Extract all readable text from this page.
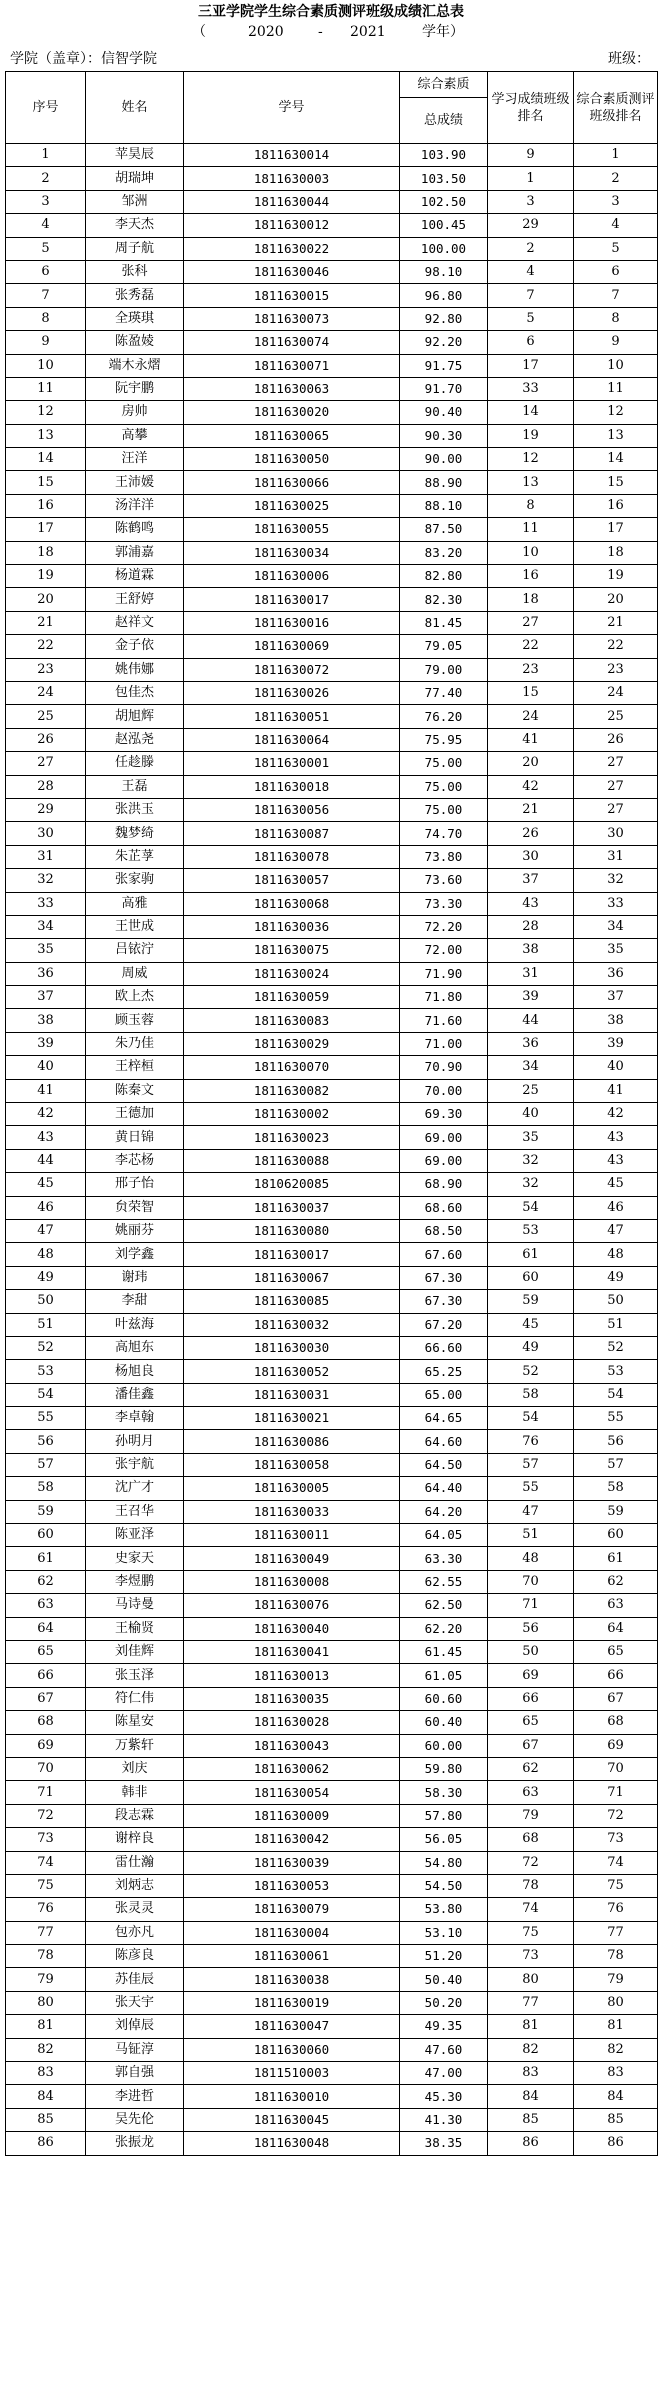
三亚学院学生综合素质测评班级成绩汇总表
（	2020 - 2021	学年）
学院（盖章）：信智学院	班级：
序号	姓名	学号	综合素质	学习成绩班级排名	综合素质测评班级排名
			总成绩		
1	苹昊辰	1811630014	103.90	9	1
2	胡瑞坤	1811630003	103.50	1	2
3	邹洲	1811630044	102.50	3	3
4	李天杰	1811630012	100.45	29	4
5	周子航	1811630022	100.00	2	5
6	张科	1811630046	98.10	4	6
7	张秀磊	1811630015	96.80	7	7
8	全瑛琪	1811630073	92.80	5	8
9	陈盈婈	1811630074	92.20	6	9
10	端木永熠	1811630071	91.75	17	10
11	阮宇鹏	1811630063	91.70	33	11
12	房帅	1811630020	90.40	14	12
13	高攀	1811630065	90.30	19	13
14	汪洋	1811630050	90.00	12	14
15	王沛媛	1811630066	88.90	13	15
16	汤洋洋	1811630025	88.10	8	16
17	陈鹤鸣	1811630055	87.50	11	17
18	郭浦嘉	1811630034	83.20	10	18
19	杨道霖	1811630006	82.80	16	19
20	王舒婷	1811630017	82.30	18	20
21	赵祥文	1811630016	81.45	27	21
22	金子依	1811630069	79.05	22	22
23	姚伟娜	1811630072	79.00	23	23
24	包佳杰	1811630026	77.40	15	24
25	胡旭辉	1811630051	76.20	24	25
26	赵泓尧	1811630064	75.95	41	26
27	任趁滕	1811630001	75.00	20	27
28	王磊	1811630018	75.00	42	27
29	张洪玉	1811630056	75.00	21	27
30	魏梦绮	1811630087	74.70	26	30
31	朱芷莩	1811630078	73.80	30	31
32	张家驹	1811630057	73.60	37	32
33	高雅	1811630068	73.30	43	33
34	王世成	1811630036	72.20	28	34
35	吕铱泞	1811630075	72.00	38	35
36	周威	1811630024	71.90	31	36
37	欧上杰	1811630059	71.80	39	37
38	顾玉蓉	1811630083	71.60	44	38
39	朱乃佳	1811630029	71.00	36	39
40	王梓桓	1811630070	70.90	34	40
41	陈秦文	1811630082	70.00	25	41
42	王德加	1811630002	69.30	40	42
43	黄日锦	1811630023	69.00	35	43
44	李芯杨	1811630088	69.00	32	43
45	邢子怡	1810620085	68.90	32	45
46	贠荣智	1811630037	68.60	54	46
47	姚丽芬	1811630080	68.50	53	47
48	刘学鑫	1811630017	67.60	61	48
49	谢玮	1811630067	67.30	60	49
50	李甜	1811630085	67.30	59	50
51	叶兹海	1811630032	67.20	45	51
52	高旭东	1811630030	66.60	49	52
53	杨旭良	1811630052	65.25	52	53
54	潘佳鑫	1811630031	65.00	58	54
55	李卓翰	1811630021	64.65	54	55
56	孙明月	1811630086	64.60	76	56
57	张宇航	1811630058	64.50	57	57
58	沈广才	1811630005	64.40	55	58
59	王召华	1811630033	64.20	47	59
60	陈亚泽	1811630011	64.05	51	60
61	史家天	1811630049	63.30	48	61
62	李煜鹏	1811630008	62.55	70	62
63	马诗曼	1811630076	62.50	71	63
64	王榆贤	1811630040	62.20	56	64
65	刘佳辉	1811630041	61.45	50	65
66	张玉泽	1811630013	61.05	69	66
67	符仁伟	1811630035	60.60	66	67
68	陈星安	1811630028	60.40	65	68
69	万紫轩	1811630043	60.00	67	69
70	刘庆	1811630062	59.80	62	70
71	韩非	1811630054	58.30	63	71
72	段志霖	1811630009	57.80	79	72
73	谢梓良	1811630042	56.05	68	73
74	雷仕瀚	1811630039	54.80	72	74
75	刘炳志	1811630053	54.50	78	75
76	张灵灵	1811630079	53.80	74	76
77	包亦凡	1811630004	53.10	75	77
78	陈彦良	1811630061	51.20	73	78
79	苏佳辰	1811630038	50.40	80	79
80	张天宇	1811630019	50.20	77	80
81	刘倬辰	1811630047	49.35	81	81
82	马钲淳	1811630060	47.60	82	82
83	郭自强	1811510003	47.00	83	83
84	李进哲	1811630010	45.30	84	84
85	吴先伦	1811630045	41.30	85	85
86	张振龙	1811630048	38.35	86	86
